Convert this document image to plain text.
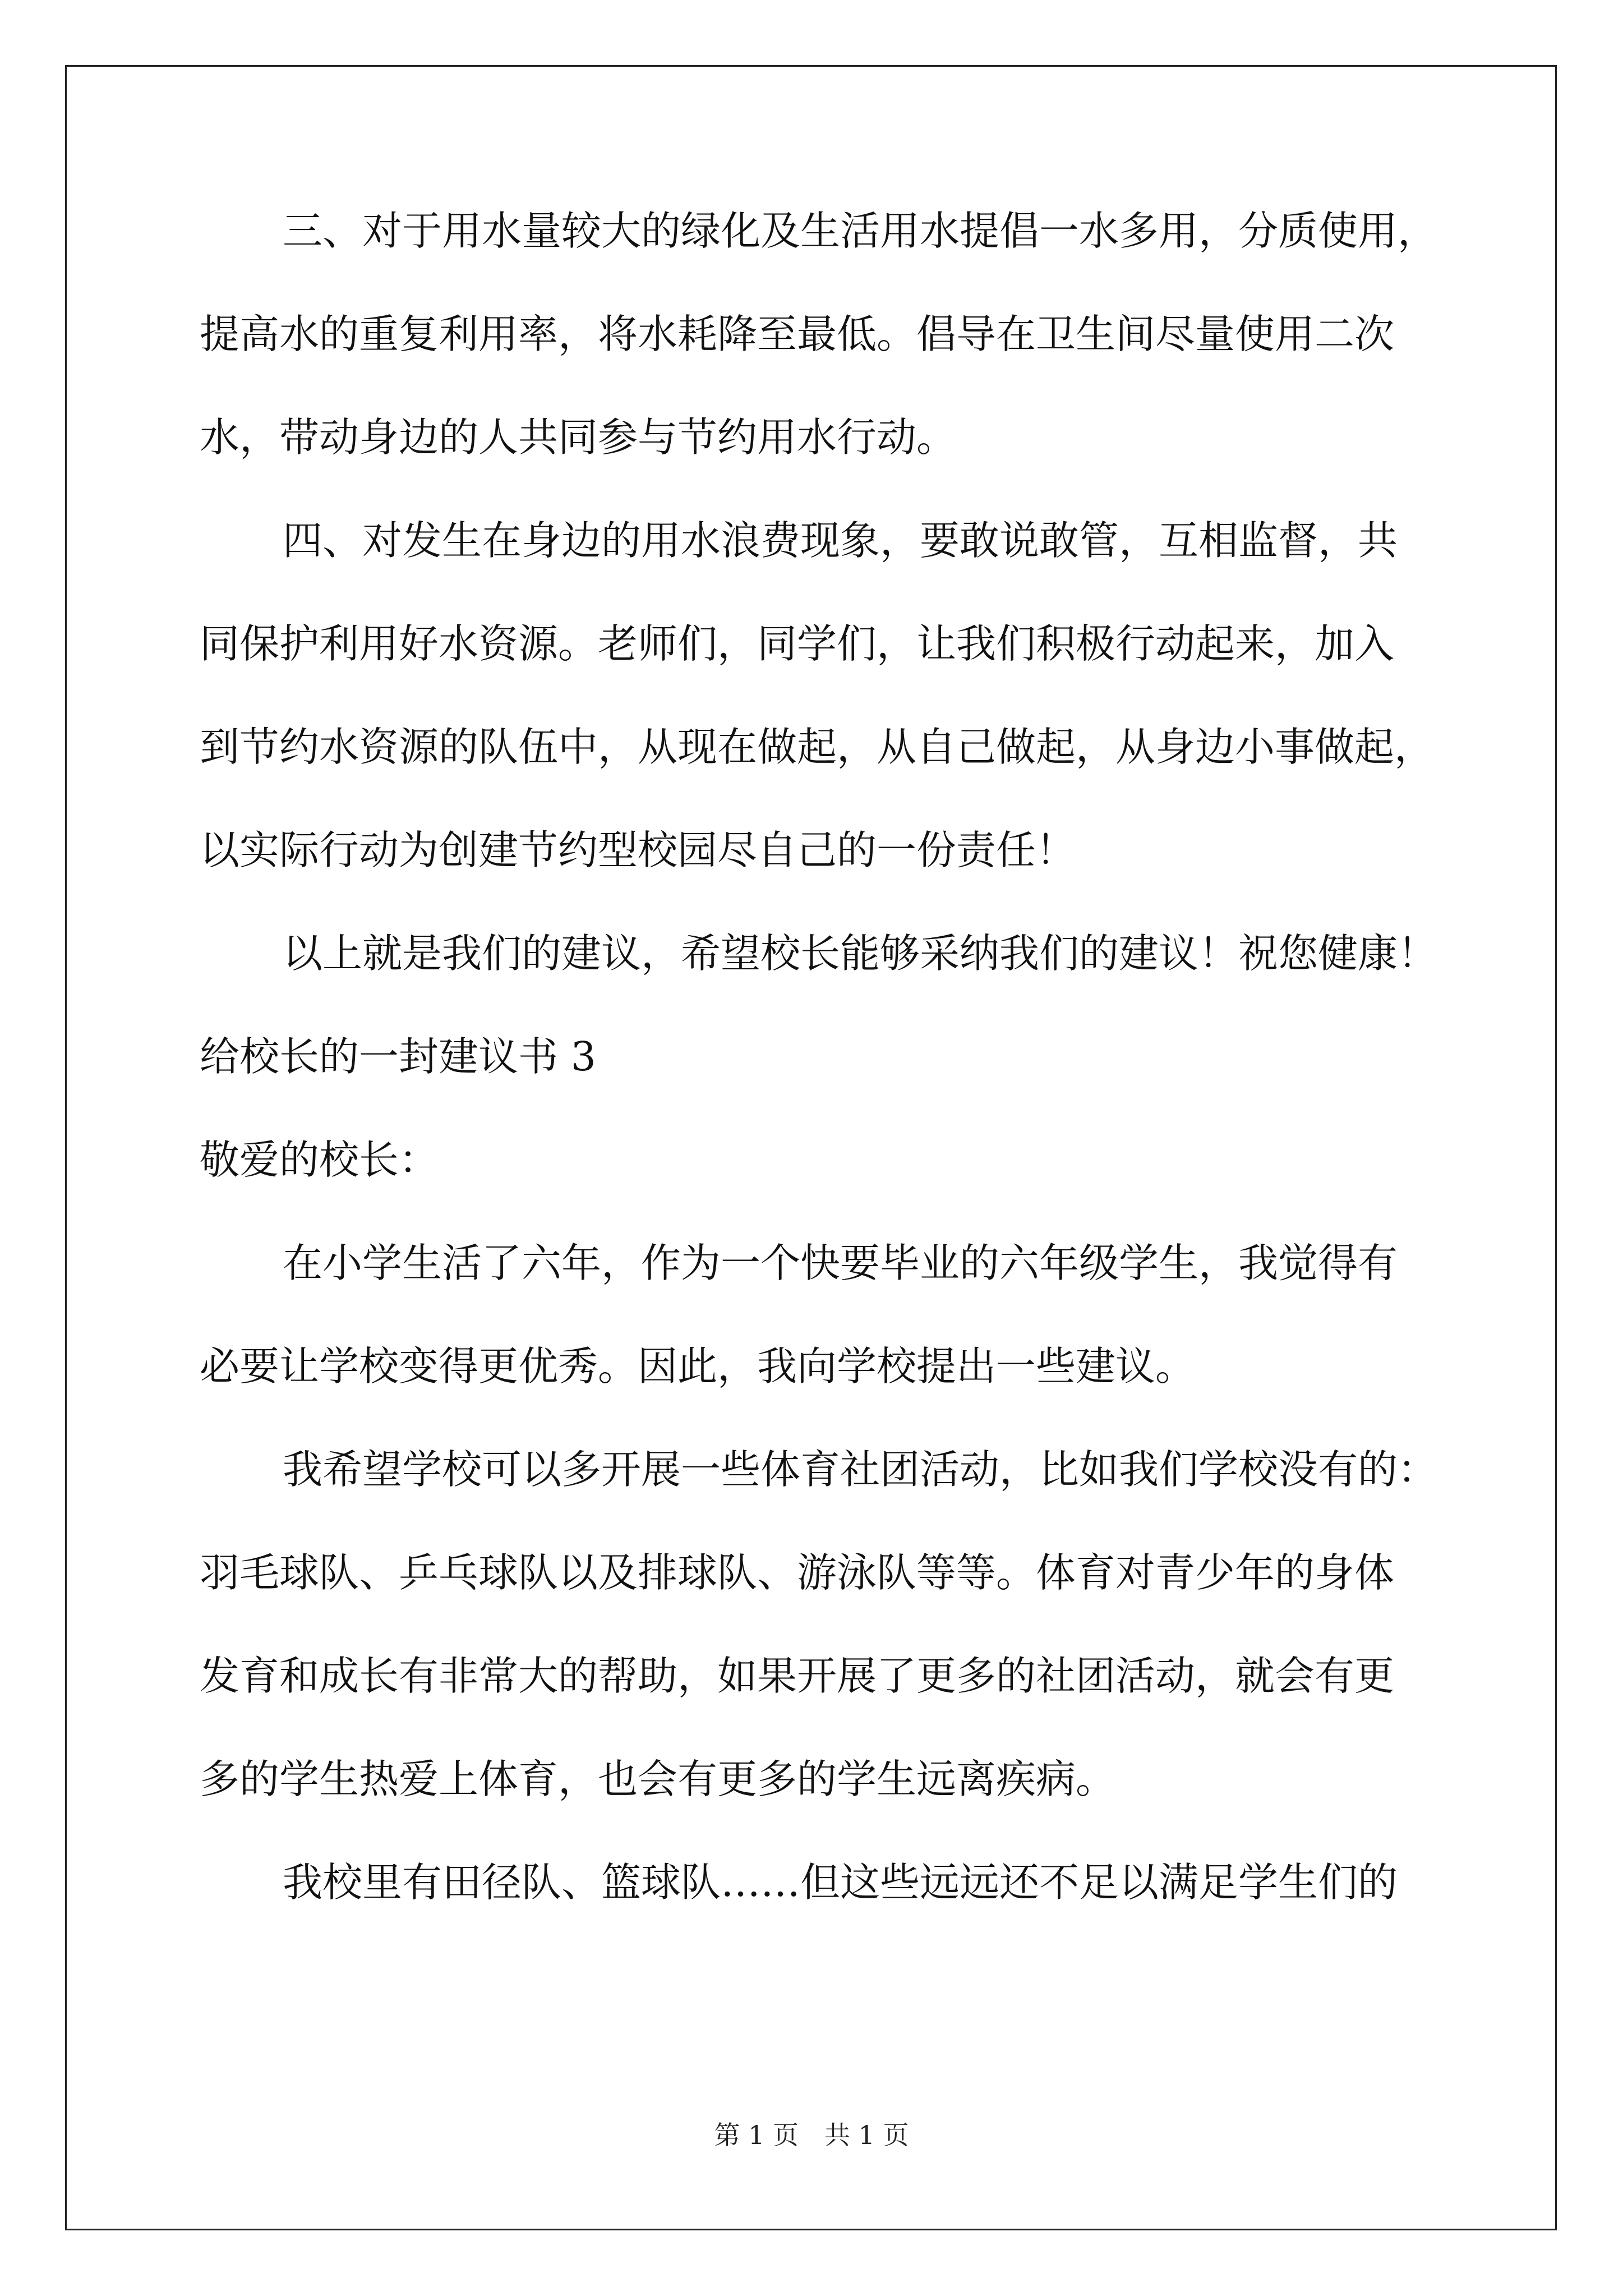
三、对于用水量较大的绿化及生活用水提倡一水多用，分质使用，
提高水的重复利用率，将水耗降至最低。倡导在卫生间尽量使用二次
水，带动身边的人共同参与节约用水行动。
四、对发生在身边的用水浪费现象，要敢说敢管，互相监督，共
同保护利用好水资源。老师们，同学们，让我们积极行动起来，加入
到节约水资源的队伍中，从现在做起，从自己做起，从身边小事做起，
以实际行动为创建节约型校园尽自己的一份责任！
以上就是我们的建议，希望校长能够采纳我们的建议！祝您健康！
给校长的一封建议书 3
敬爱的校长：
在小学生活了六年，作为一个快要毕业的六年级学生，我觉得有
必要让学校变得更优秀。因此，我向学校提出一些建议。
我希望学校可以多开展一些体育社团活动，比如我们学校没有的：
羽毛球队、乒乓球队以及排球队、游泳队等等。体育对青少年的身体
发育和成长有非常大的帮助，如果开展了更多的社团活动，就会有更
多的学生热爱上体育，也会有更多的学生远离疾病。
我校里有田径队、篮球队……但这些远远还不足以满足学生们的
第 1 页　共 1 页
